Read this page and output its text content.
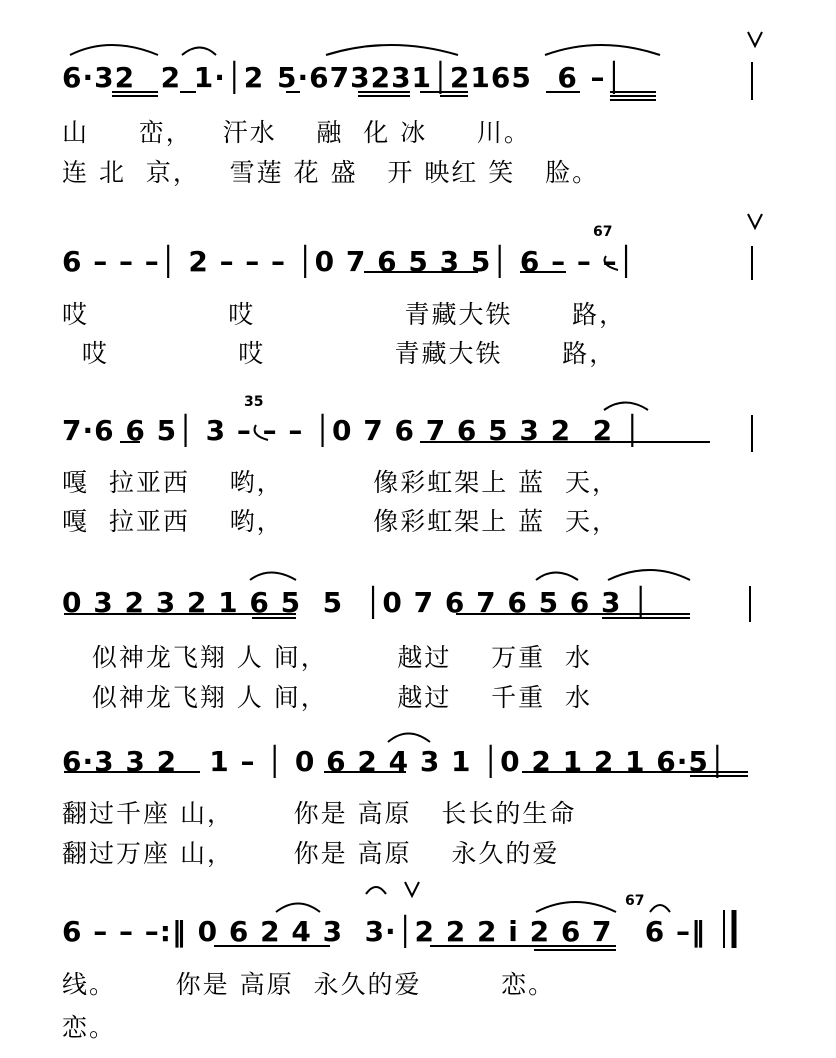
6·32  2 1·│2 5·673231│2165  6 –│
山     峦，   汗水    融  化 冰     川。
连 北  京，   雪莲 花 盛   开 映红 笑   脸。
6 – – –│ 2 – – – │0 7 6 5 3 5│ 6 – – –│
哎              哎               青藏大铁      路，
哎             哎             青藏大铁      路，
7·6 6 5│ 3 – – – │0 7 6 7 6 5 3 2  2 │
嘎  拉亚西    哟，         像彩虹架上 蓝  天，
嘎  拉亚西    哟，         像彩虹架上 蓝  天，
0 3 2 3 2 1 6 5  5  │0 7 6 7 6 5 6 3 │
似神龙飞翔 人 间，       越过    万重  水
似神龙飞翔 人 间，       越过    千重  水
6·3 3 2   1 – │ 0 6 2 4 3 1 │0 2 1 2 1 6·5│
翻过千座 山，      你是 高原   长长的生命
翻过万座 山，      你是 高原    永久的爱
6 – – –:‖ 0 6 2 4 3  3·│2 2 2 i 2 6 7   6 –‖
线。      你是 高原  永久的爱        恋。
恋。
67
35
67
